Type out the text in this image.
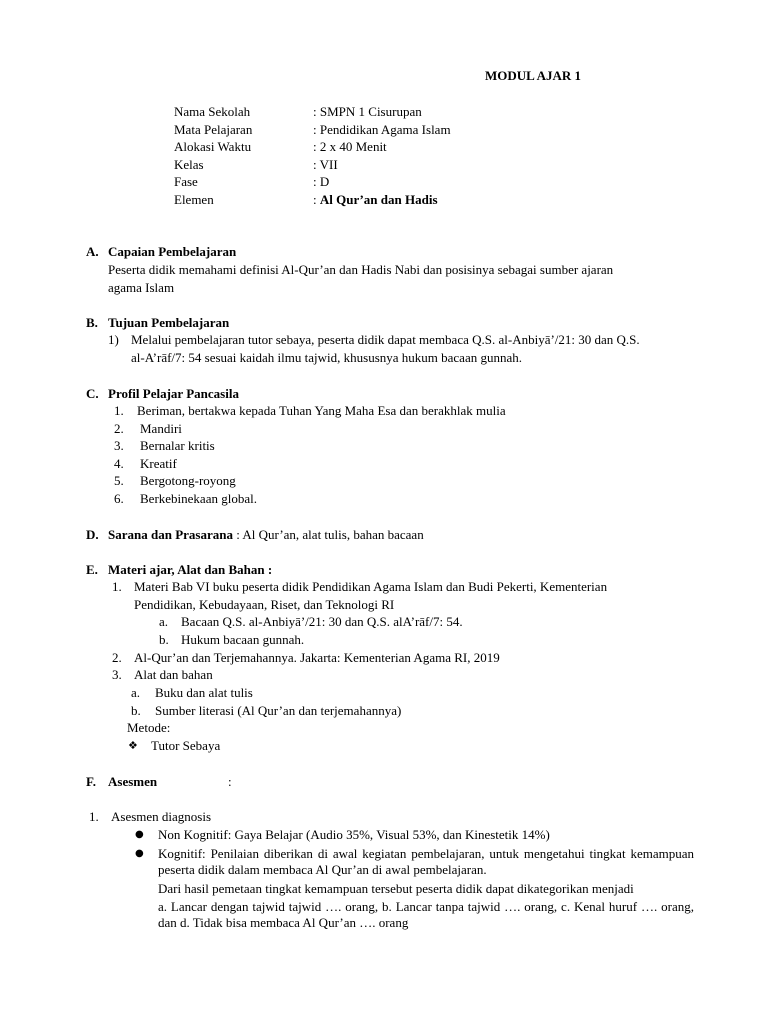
MODUL AJAR 1
Nama Sekolah	: SMPN 1 Cisurupan
Mata Pelajaran	: Pendidikan Agama Islam
Alokasi Waktu	: 2 x 40 Menit
Kelas	: VII
Fase	: D
Elemen	: Al Qur’an dan Hadis
A. Capaian Pembelajaran
Peserta didik memahami definisi Al-Qur’an dan Hadis Nabi dan posisinya sebagai sumber ajaran
agama Islam
B. Tujuan Pembelajaran
1) Melalui pembelajaran tutor sebaya, peserta didik dapat membaca Q.S. al-Anbiyā’/21: 30 dan Q.S.
al-A’rāf/7: 54 sesuai kaidah ilmu tajwid, khususnya hukum bacaan gunnah.
C. Profil Pelajar Pancasila
1. Beriman, bertakwa kepada Tuhan Yang Maha Esa dan berakhlak mulia
2. Mandiri
3. Bernalar kritis
4. Kreatif
5. Bergotong-royong
6. Berkebinekaan global.
D. Sarana dan Prasarana : Al Qur’an, alat tulis, bahan bacaan
E. Materi ajar, Alat dan Bahan :
1. Materi Bab VI buku peserta didik Pendidikan Agama Islam dan Budi Pekerti, Kementerian
Pendidikan, Kebudayaan, Riset, dan Teknologi RI
a. Bacaan Q.S. al-Anbiyā’/21: 30 dan Q.S. alA’rāf/7: 54.
b. Hukum bacaan gunnah.
2. Al-Qur’an dan Terjemahannya. Jakarta: Kementerian Agama RI, 2019
3. Alat dan bahan
a. Buku dan alat tulis
b. Sumber literasi (Al Qur’an dan terjemahannya)
Metode:
❖ Tutor Sebaya
F. Asesmen	:
1. Asesmen diagnosis
● Non Kognitif: Gaya Belajar (Audio 35%, Visual 53%, dan Kinestetik 14%)
● Kognitif: Penilaian diberikan di awal kegiatan pembelajaran, untuk mengetahui tingkat kemampuan peserta didik dalam membaca Al Qur’an di awal pembelajaran.
Dari hasil pemetaan tingkat kemampuan tersebut peserta didik dapat dikategorikan menjadi
a. Lancar dengan tajwid tajwid …. orang, b. Lancar tanpa tajwid …. orang, c. Kenal huruf …. orang, dan d. Tidak bisa membaca Al Qur’an …. orang
